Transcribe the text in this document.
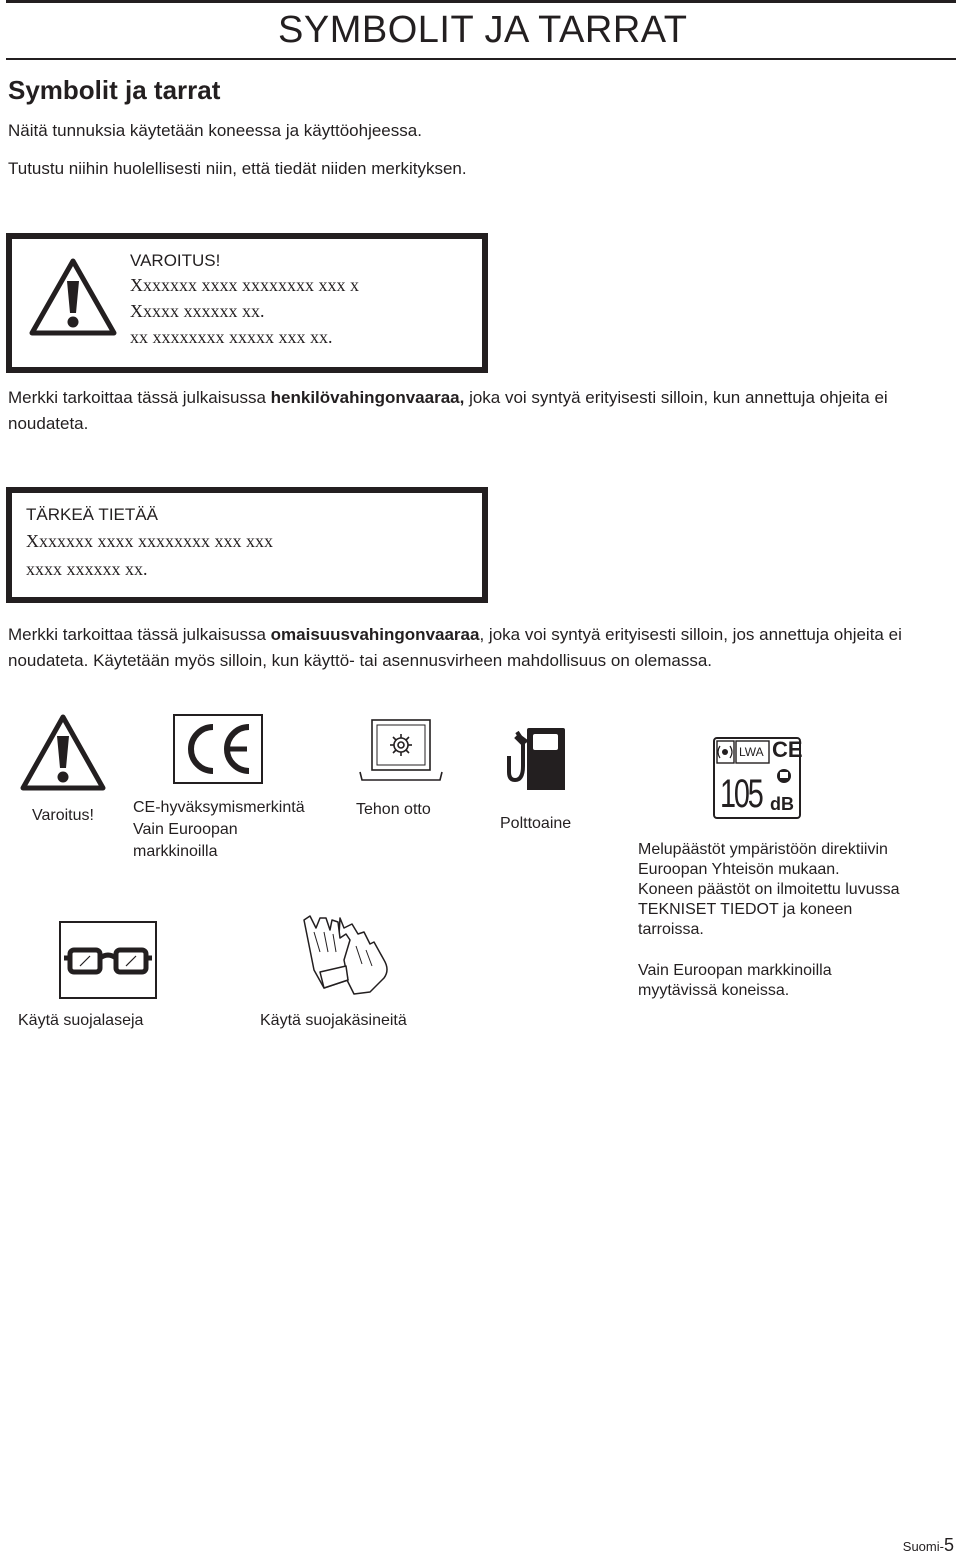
SYMBOLIT JA TARRAT
Symbolit ja tarrat
Näitä tunnuksia käytetään koneessa ja käyttöohjeessa.
Tutustu niihin huolellisesti niin, että tiedät niiden merkityksen.
VAROITUS!
Xxxxxxx xxxx xxxxxxxx xxx x
Xxxxx xxxxxx xx.
xx xxxxxxxx xxxxx xxx xx.
Merkki tarkoittaa tässä julkaisussa henkilövahingonvaaraa, joka voi syntyä erityisesti silloin, kun annettuja ohjeita ei noudateta.
TÄRKEÄ TIETÄÄ
Xxxxxxx xxxx xxxxxxxx xxx xxx
xxxx xxxxxx xx.
Merkki tarkoittaa tässä julkaisussa omaisuusvahingonvaaraa, joka voi syntyä erityisesti silloin, jos annettuja ohjeita ei noudateta. Käytetään myös silloin, kun käyttö- tai asennusvirheen mahdollisuus on olemassa.
Varoitus! CE-hyväksymismerkintä
Vain Euroopan
markkinoilla
Tehon otto
Polttoaine
LWA CE
105 dB
Melupäästöt ympäristöön direktiivin
Euroopan Yhteisön mukaan.
Koneen päästöt on ilmoitettu luvussa
TEKNISET TIEDOT ja koneen
tarroissa.
Vain Euroopan markkinoilla
myytävissä koneissa.
Käytä suojalaseja	Käytä suojakäsineitä
Suomi-5
